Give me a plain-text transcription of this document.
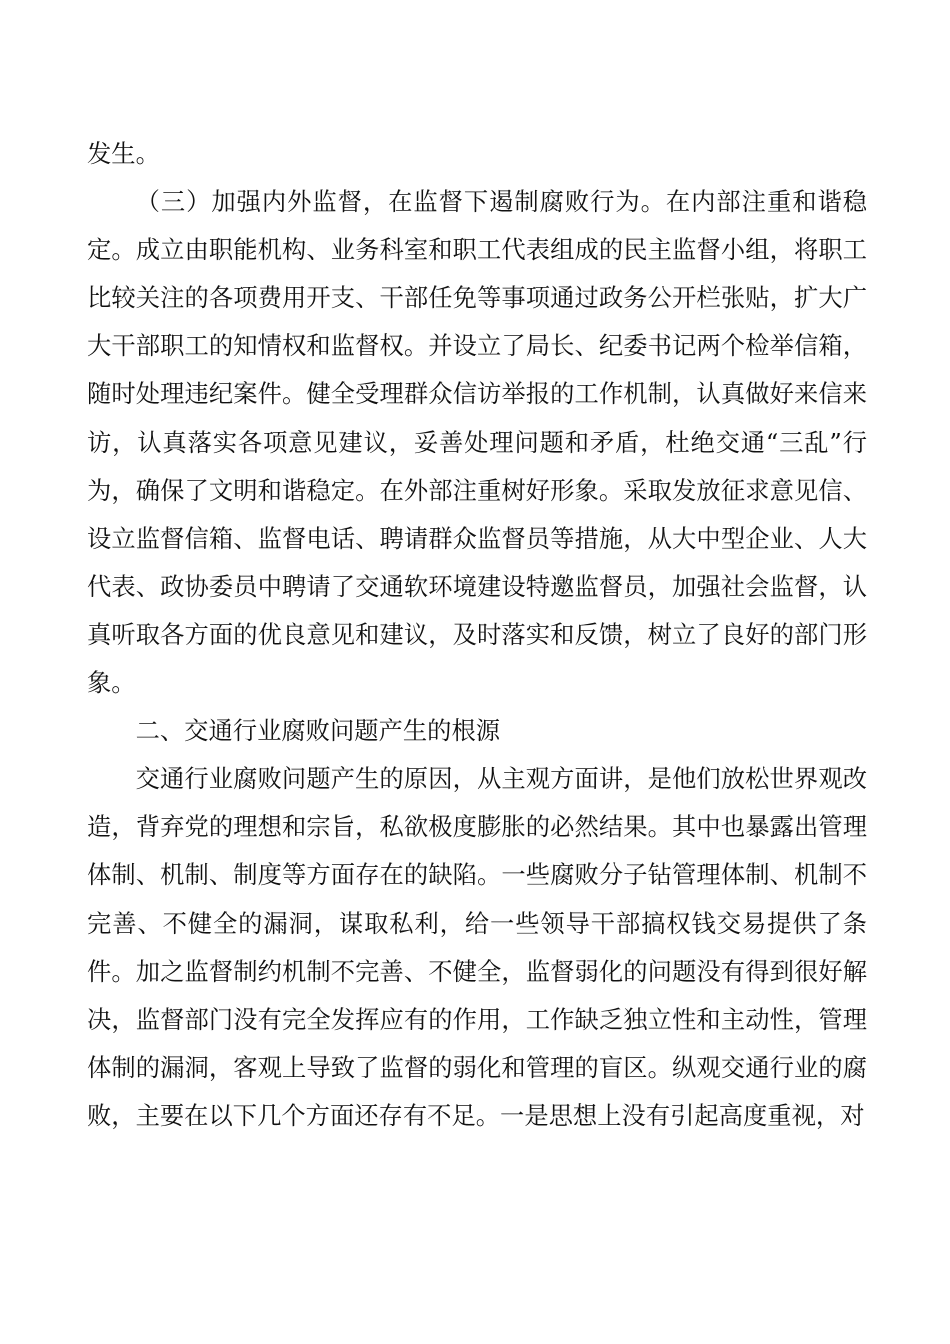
发生。

（三）加强内外监督，在监督下遏制腐败行为。在内部注重和谐稳定。成立由职能机构、业务科室和职工代表组成的民主监督小组，将职工比较关注的各项费用开支、干部任免等事项通过政务公开栏张贴，扩大广大干部职工的知情权和监督权。并设立了局长、纪委书记两个检举信箱，随时处理违纪案件。健全受理群众信访举报的工作机制，认真做好来信来访，认真落实各项意见建议，妥善处理问题和矛盾，杜绝交通“三乱”行为，确保了文明和谐稳定。在外部注重树好形象。采取发放征求意见信、设立监督信箱、监督电话、聘请群众监督员等措施，从大中型企业、人大代表、政协委员中聘请了交通软环境建设特邀监督员，加强社会监督，认真听取各方面的优良意见和建议，及时落实和反馈，树立了良好的部门形象。

二、交通行业腐败问题产生的根源

交通行业腐败问题产生的原因，从主观方面讲，是他们放松世界观改造，背弃党的理想和宗旨，私欲极度膨胀的必然结果。其中也暴露出管理体制、机制、制度等方面存在的缺陷。一些腐败分子钻管理体制、机制不完善、不健全的漏洞，谋取私利，给一些领导干部搞权钱交易提供了条件。加之监督制约机制不完善、不健全，监督弱化的问题没有得到很好解决，监督部门没有完全发挥应有的作用，工作缺乏独立性和主动性，管理体制的漏洞，客观上导致了监督的弱化和管理的盲区。纵观交通行业的腐败，主要在以下几个方面还存有不足。一是思想上没有引起高度重视，对
